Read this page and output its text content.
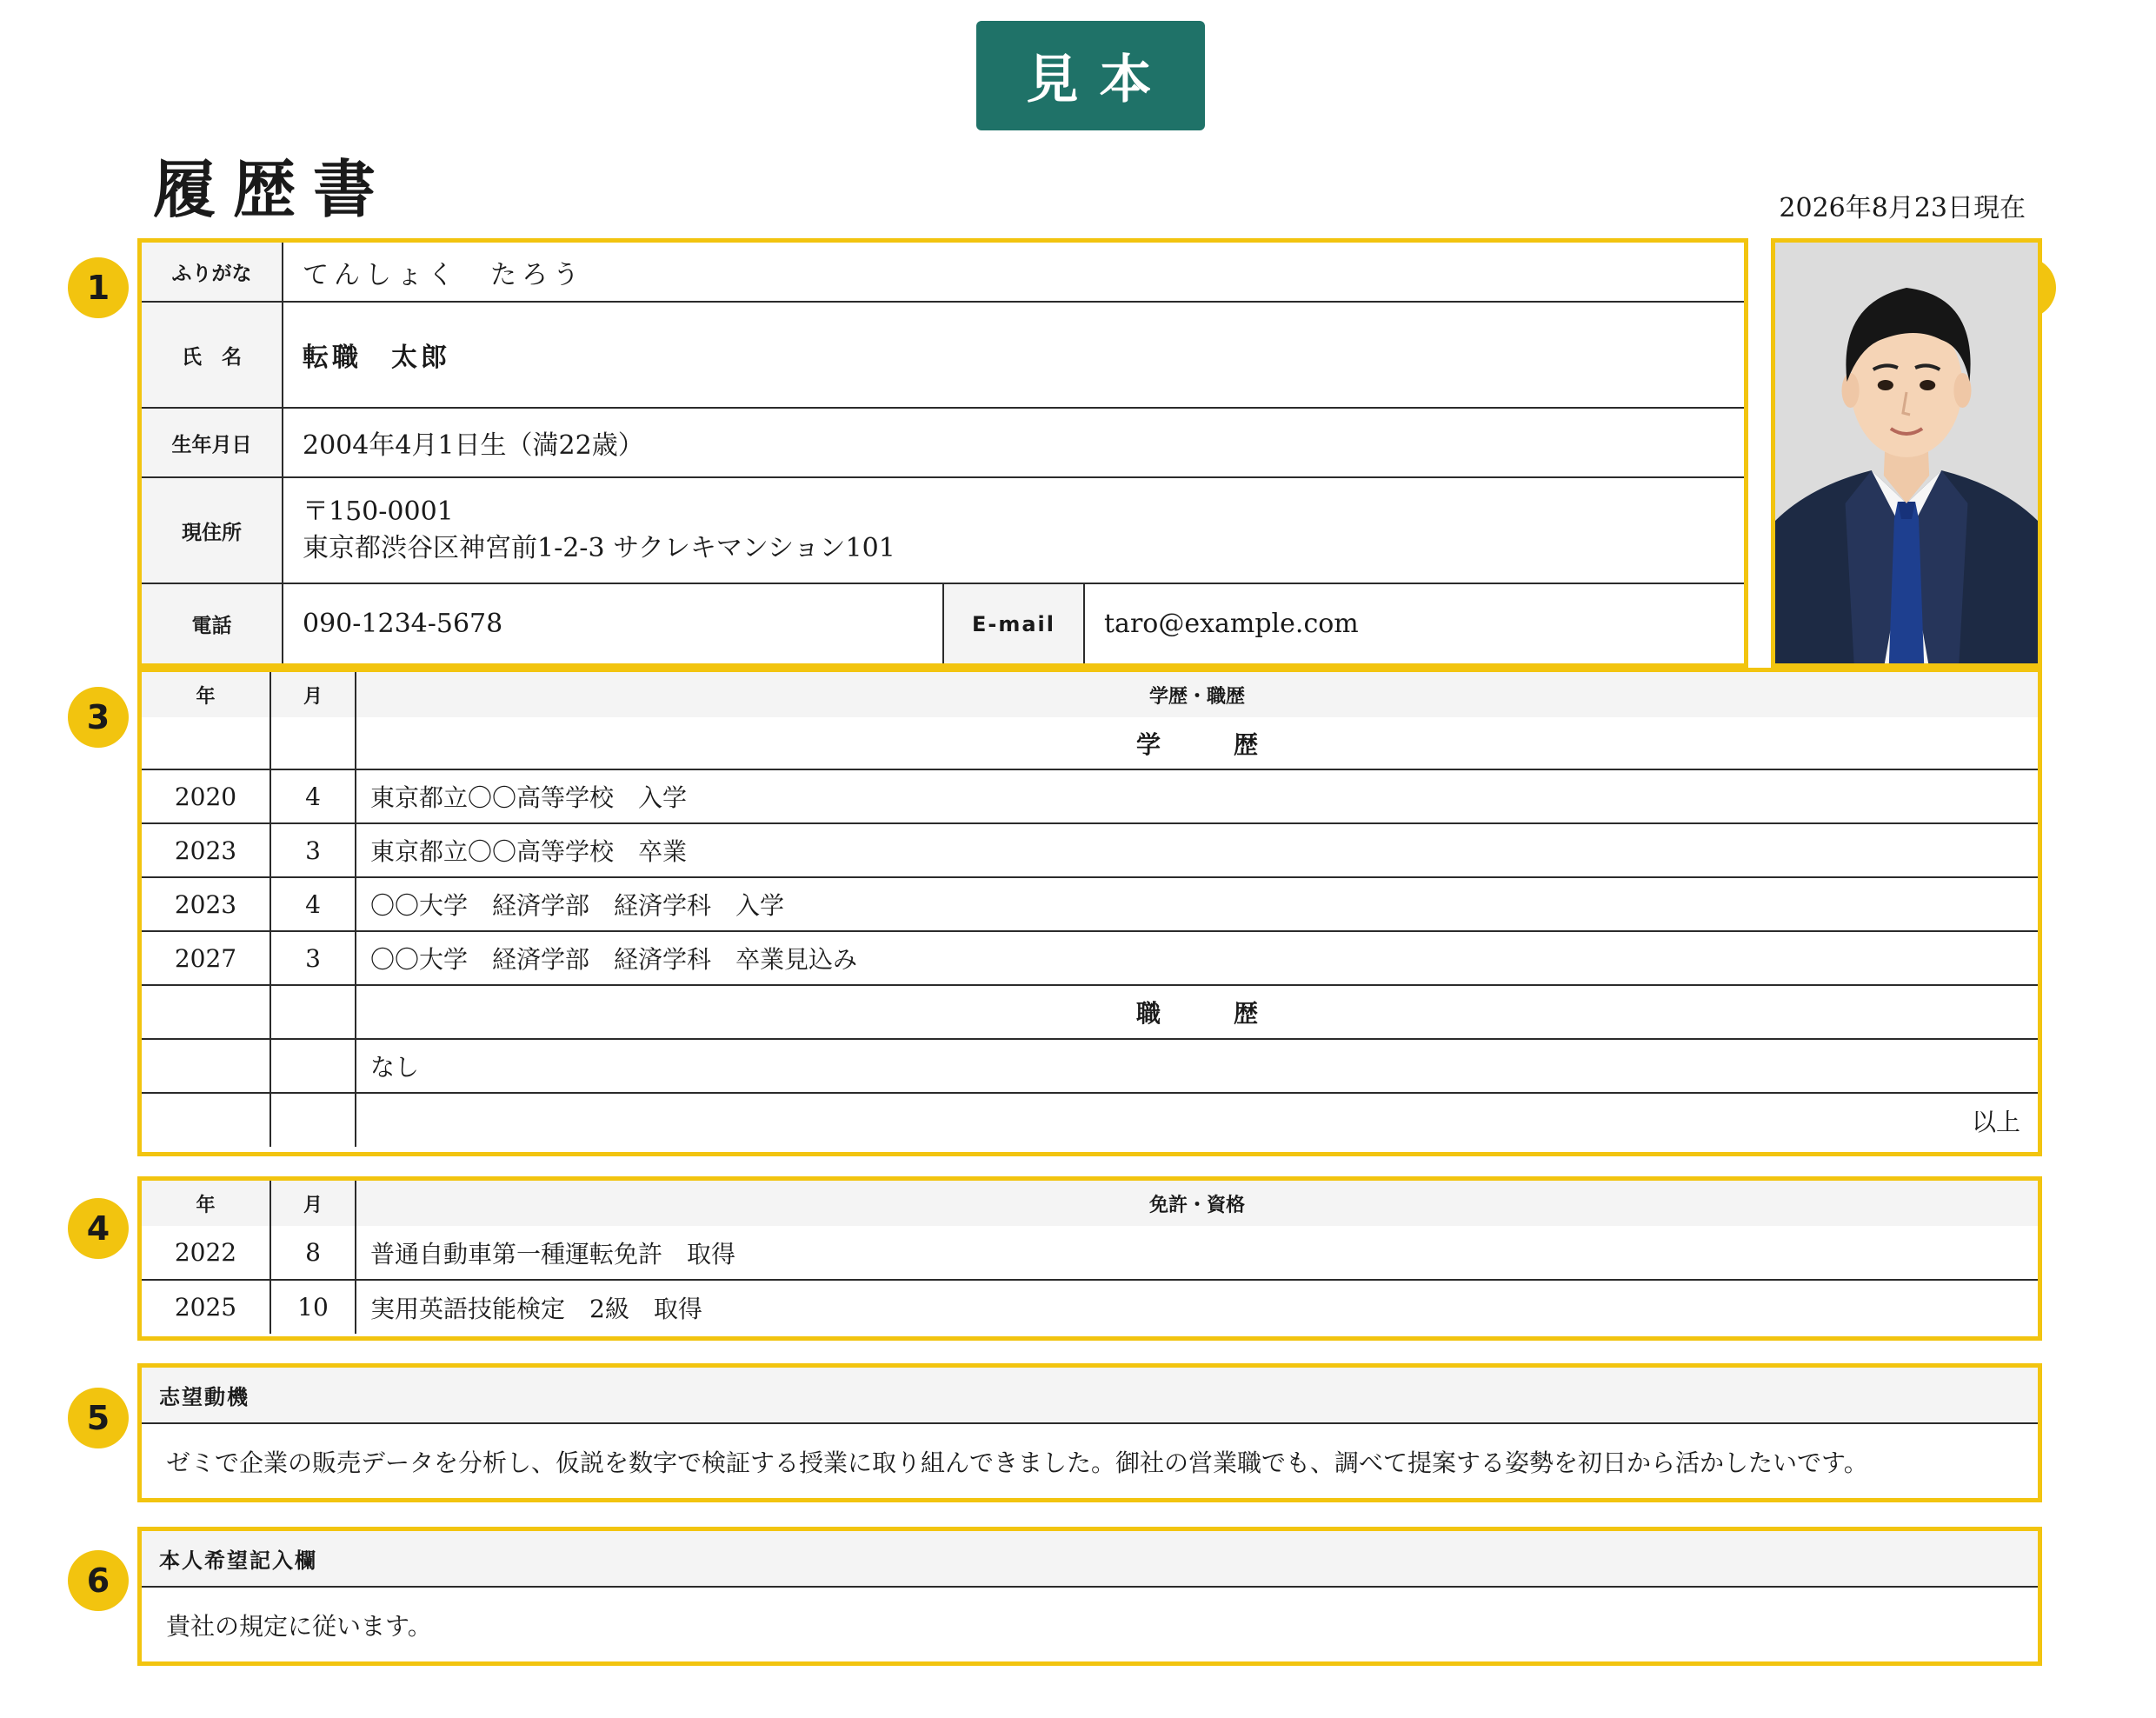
見本
履歴書	2026年8月23日現在
1
3
4
5
6
ふりがな	てんしょく　たろう		
氏　名	転職　太郎		
生年月日	2004年4月1日生（満22歳）		
現住所	〒150-0001
東京都渋谷区神宮前1-2-3 サクレキマンション101		

電話	090-1234-5678	E-mail	taro@example.com
年	月	学歴・職歴
		学　歴
2020	4	東京都立〇〇高等学校　入学
2023	3	東京都立〇〇高等学校　卒業
2023	4	〇〇大学　経済学部　経済学科　入学
2027	3	〇〇大学　経済学部　経済学科　卒業見込み
		職　歴
		なし
		以上
年	月	免許・資格
2022	8	普通自動車第一種運転免許　取得
2025	10	実用英語技能検定　2級　取得
志望動機
ゼミで企業の販売データを分析し、仮説を数字で検証する授業に取り組んできました。御社の営業職でも、調べて提案する姿勢を初日から活かしたいです。
本人希望記入欄
貴社の規定に従います。
